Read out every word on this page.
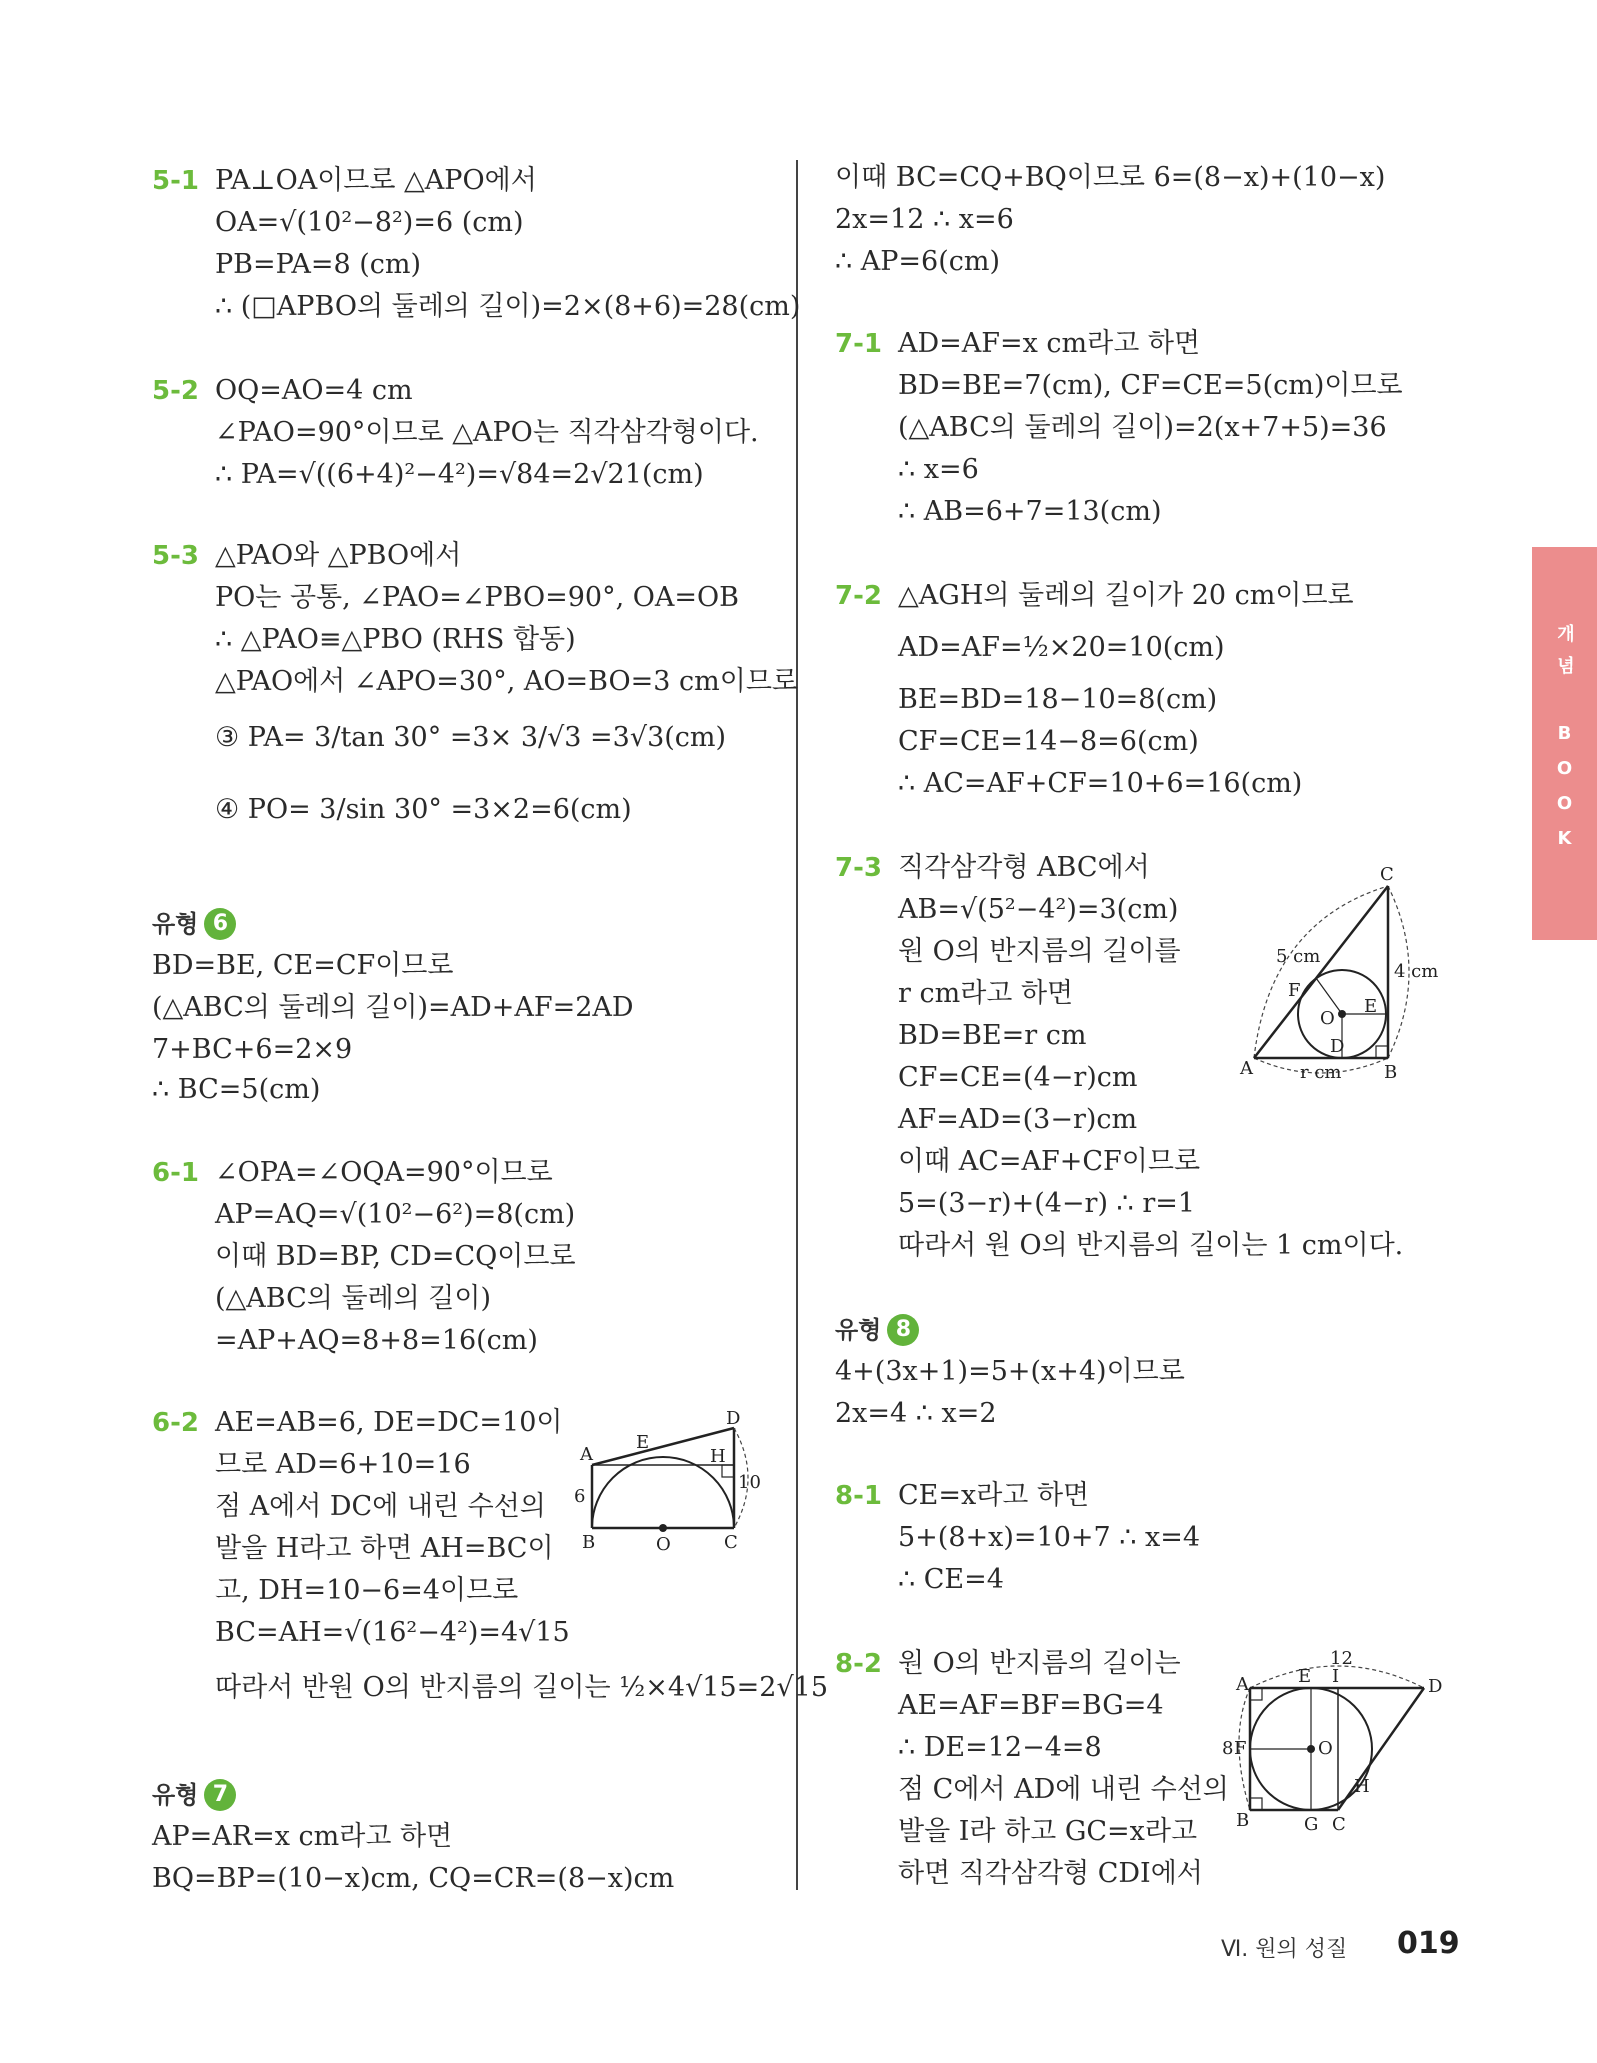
개념 BOOK
5-1 PA⊥OA이므로 △APO에서
OA=√(10²−8²)=6 (cm)
PB=PA=8 (cm)
∴ (□APBO의 둘레의 길이)=2×(8+6)=28(cm)
5-2 OQ=AO=4 cm
∠PAO=90°이므로 △APO는 직각삼각형이다.
∴ PA=√((6+4)²−4²)=√84=2√21(cm)
5-3 △PAO와 △PBO에서
PO는 공통, ∠PAO=∠PBO=90°, OA=OB
∴ △PAO≡△PBO (RHS 합동)
△PAO에서 ∠APO=30°, AO=BO=3 cm이므로
③ PA= 3/tan 30° =3× 3/√3 =3√3(cm)
④ PO= 3/sin 30° =3×2=6(cm)
유형 6
BD=BE, CE=CF이므로
(△ABC의 둘레의 길이)=AD+AF=2AD
7+BC+6=2×9
∴ BC=5(cm)
6-1 ∠OPA=∠OQA=90°이므로
AP=AQ=√(10²−6²)=8(cm)
이때 BD=BP, CD=CQ이므로
(△ABC의 둘레의 길이)
=AP+AQ=8+8=16(cm)
6-2 AE=AB=6, DE=DC=10이
므로 AD=6+10=16
점 A에서 DC에 내린 수선의
발을 H라고 하면 AH=BC이
고, DH=10−6=4이므로
BC=AH=√(16²−4²)=4√15
따라서 반원 O의 반지름의 길이는 ½×4√15=2√15
A
E
D
H
6
10
B	O	C
유형 7
AP=AR=x cm라고 하면
BQ=BP=(10−x)cm, CQ=CR=(8−x)cm
이때 BC=CQ+BQ이므로 6=(8−x)+(10−x)
2x=12 ∴ x=6
∴ AP=6(cm)
7-1 AD=AF=x cm라고 하면
BD=BE=7(cm), CF=CE=5(cm)이므로
(△ABC의 둘레의 길이)=2(x+7+5)=36
∴ x=6
∴ AB=6+7=13(cm)
7-2 △AGH의 둘레의 길이가 20 cm이므로
AD=AF=½×20=10(cm)
BE=BD=18−10=8(cm)
CF=CE=14−8=6(cm)
∴ AC=AF+CF=10+6=16(cm)
7-3 직각삼각형 ABC에서
AB=√(5²−4²)=3(cm)
원 O의 반지름의 길이를
r cm라고 하면
BD=BE=r cm
CF=CE=(4−r)cm
AF=AD=(3−r)cm
이때 AC=AF+CF이므로
5=(3−r)+(4−r) ∴ r=1
따라서 원 O의 반지름의 길이는 1 cm이다.
C
5 cm
4 cm
F
O
E
D
A	r cm B
유형 8
4+(3x+1)=5+(x+4)이므로
2x=4 ∴ x=2
8-1 CE=x라고 하면
5+(8+x)=10+7 ∴ x=4
∴ CE=4
8-2 원 O의 반지름의 길이는
AE=AF=BF=BG=4
∴ DE=12−4=8
점 C에서 AD에 내린 수선의
발을 I라 하고 GC=x라고
하면 직각삼각형 CDI에서
12
A	E I	D
8 F	O
H
B	G C
Ⅵ. 원의 성질 019
